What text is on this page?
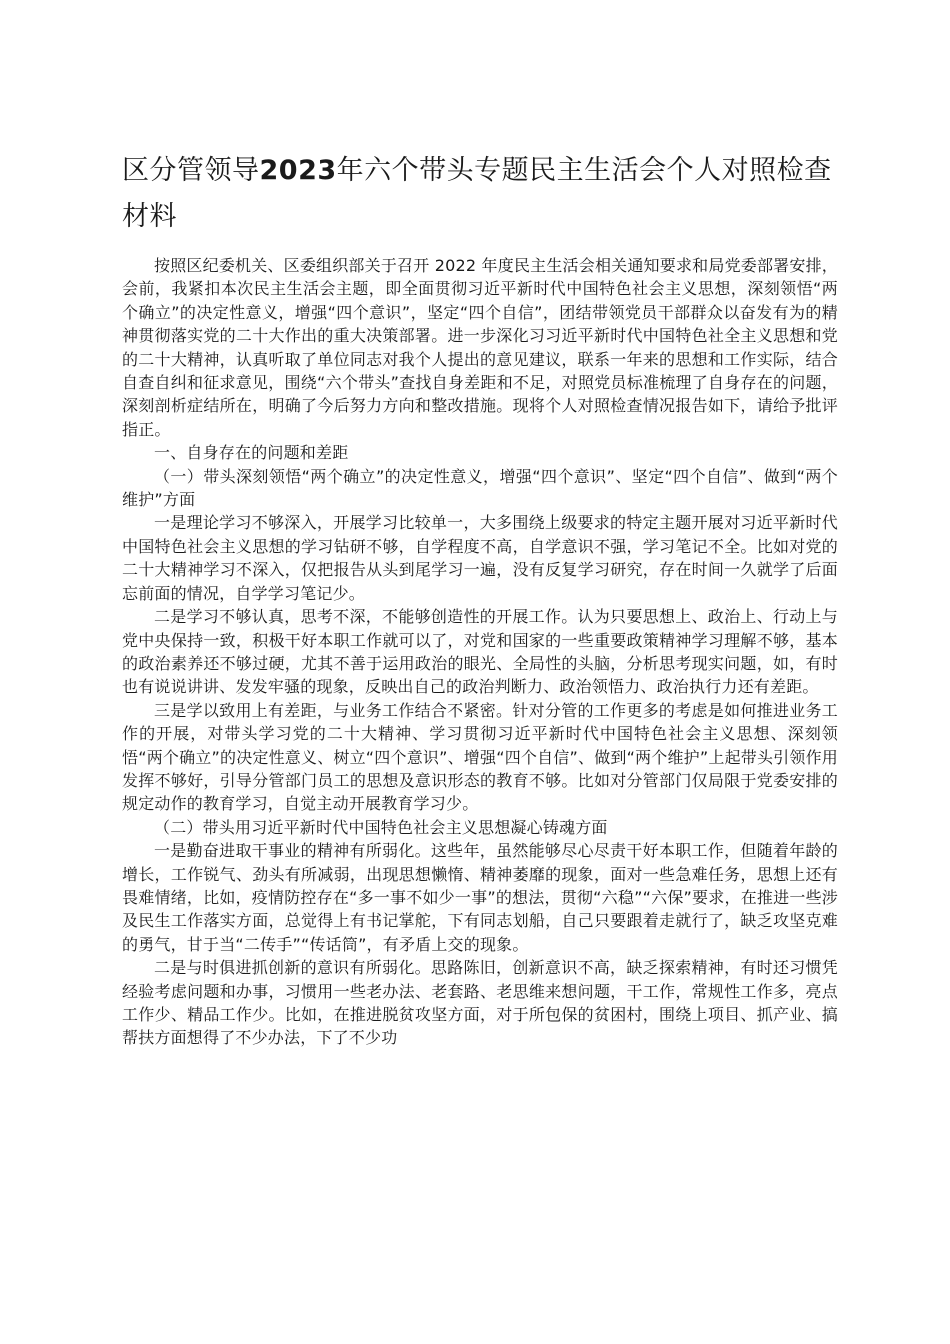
区分管领导2023年六个带头专题民主生活会个人对照检查材料

按照区纪委机关、区委组织部关于召开 2022 年度民主生活会相关通知要求和局党委部署安排，会前，我紧扣本次民主生活会主题，即全面贯彻习近平新时代中国特色社会主义思想，深刻领悟“两个确立”的决定性意义，增强“四个意识”，坚定“四个自信”，团结带领党员干部群众以奋发有为的精神贯彻落实党的二十大作出的重大决策部署。进一步深化习习近平新时代中国特色社全主义思想和党的二十大精神，认真听取了单位同志对我个人提出的意见建议，联系一年来的思想和工作实际，结合自查自纠和征求意见，围绕“六个带头”查找自身差距和不足，对照党员标准梳理了自身存在的问题，深刻剖析症结所在，明确了今后努力方向和整改措施。现将个人对照检查情况报告如下，请给予批评指正。

一、自身存在的问题和差距

（一）带头深刻领悟“两个确立”的决定性意义，增强“四个意识”、坚定“四个自信”、做到“两个维护”方面

一是理论学习不够深入，开展学习比较单一，大多围绕上级要求的特定主题开展对习近平新时代中国特色社会主义思想的学习钻研不够，自学程度不高，自学意识不强，学习笔记不全。比如对党的二十大精神学习不深入，仅把报告从头到尾学习一遍，没有反复学习研究，存在时间一久就学了后面忘前面的情况，自学学习笔记少。

二是学习不够认真，思考不深，不能够创造性的开展工作。认为只要思想上、政治上、行动上与党中央保持一致，积极干好本职工作就可以了，对党和国家的一些重要政策精神学习理解不够，基本的政治素养还不够过硬，尤其不善于运用政治的眼光、全局性的头脑，分析思考现实问题，如，有时也有说说讲讲、发发牢骚的现象，反映出自己的政治判断力、政治领悟力、政治执行力还有差距。

三是学以致用上有差距，与业务工作结合不紧密。针对分管的工作更多的考虑是如何推进业务工作的开展，对带头学习党的二十大精神、学习贯彻习近平新时代中国特色社会主义思想、深刻领悟“两个确立”的决定性意义、树立“四个意识”、增强“四个自信”、做到“两个维护”上起带头引领作用发挥不够好，引导分管部门员工的思想及意识形态的教育不够。比如对分管部门仅局限于党委安排的规定动作的教育学习，自觉主动开展教育学习少。

（二）带头用习近平新时代中国特色社会主义思想凝心铸魂方面

一是勤奋进取干事业的精神有所弱化。这些年，虽然能够尽心尽责干好本职工作，但随着年龄的增长，工作锐气、劲头有所减弱，出现思想懒惰、精神萎靡的现象，面对一些急难任务，思想上还有畏难情绪，比如，疫情防控存在“多一事不如少一事”的想法，贯彻“六稳”“六保”要求，在推进一些涉及民生工作落实方面，总觉得上有书记掌舵，下有同志划船，自己只要跟着走就行了，缺乏攻坚克难的勇气，甘于当“二传手”“传话筒”，有矛盾上交的现象。

二是与时俱进抓创新的意识有所弱化。思路陈旧，创新意识不高，缺乏探索精神，有时还习惯凭经验考虑问题和办事，习惯用一些老办法、老套路、老思维来想问题，干工作，常规性工作多，亮点工作少、精品工作少。比如，在推进脱贫攻坚方面，对于所包保的贫困村，围绕上项目、抓产业、搞帮扶方面想得了不少办法，下了不少功
